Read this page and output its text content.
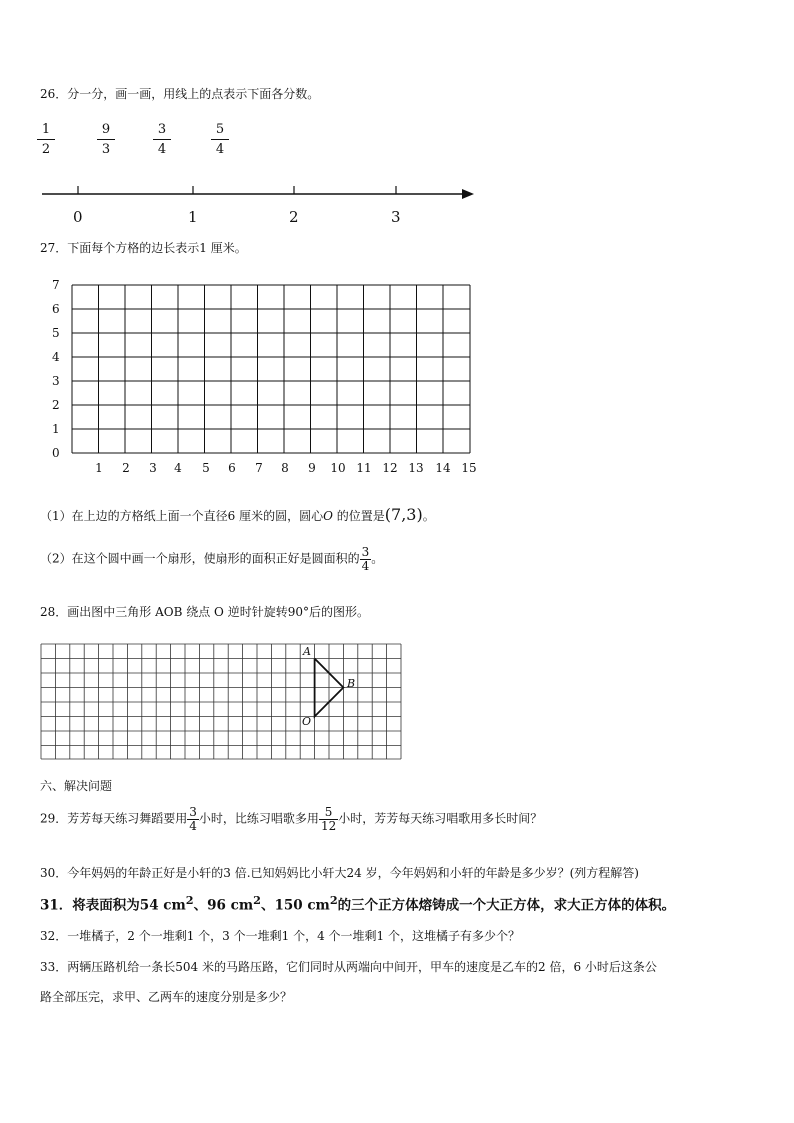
26．分一分，画一画，用线上的点表示下面各分数。
$\frac{1}{2}$	$\frac{9}{3}$	$\frac{3}{4}$	$\frac{5}{4}$
0	1	2	3
27．下面每个方格的边长表示1 厘米。
7
6
5
4
3
2
1
0
1	2	3	4	5	6	7	8	9	10 11 12 13 14 15
（1）在上边的方格纸上面一个直径6 厘米的圆，圆心O 的位置是(7,3)。
（2）在这个圆中画一个扇形，使扇形的面积正好是圆面积的 $\frac{3}{4}$ 。
28．画出图中三角形 AOB 绕点 O 逆时针旋转90°后的图形。
A
B
O
六、解决问题
29．芳芳每天练习舞蹈要用 $\frac{3}{4}$ 小时，比练习唱歌多用 $\frac{5}{12}$ 小时，芳芳每天练习唱歌用多长时间？
30．今年妈妈的年龄正好是小轩的3 倍.已知妈妈比小轩大24 岁，今年妈妈和小轩的年龄是多少岁？(列方程解答)
31．将表面积为54 $cm^2$、96 $cm^2$、150 $cm^2$的三个正方体熔铸成一个大正方体，求大正方体的体积。
32．一堆橘子，2 个一堆剩1 个，3 个一堆剩1 个，4 个一堆剩1 个，这堆橘子有多少个？
33．两辆压路机给一条长504 米的马路压路，它们同时从两端向中间开，甲车的速度是乙车的2 倍，6 小时后这条公
路全部压完，求甲、乙两车的速度分别是多少？
